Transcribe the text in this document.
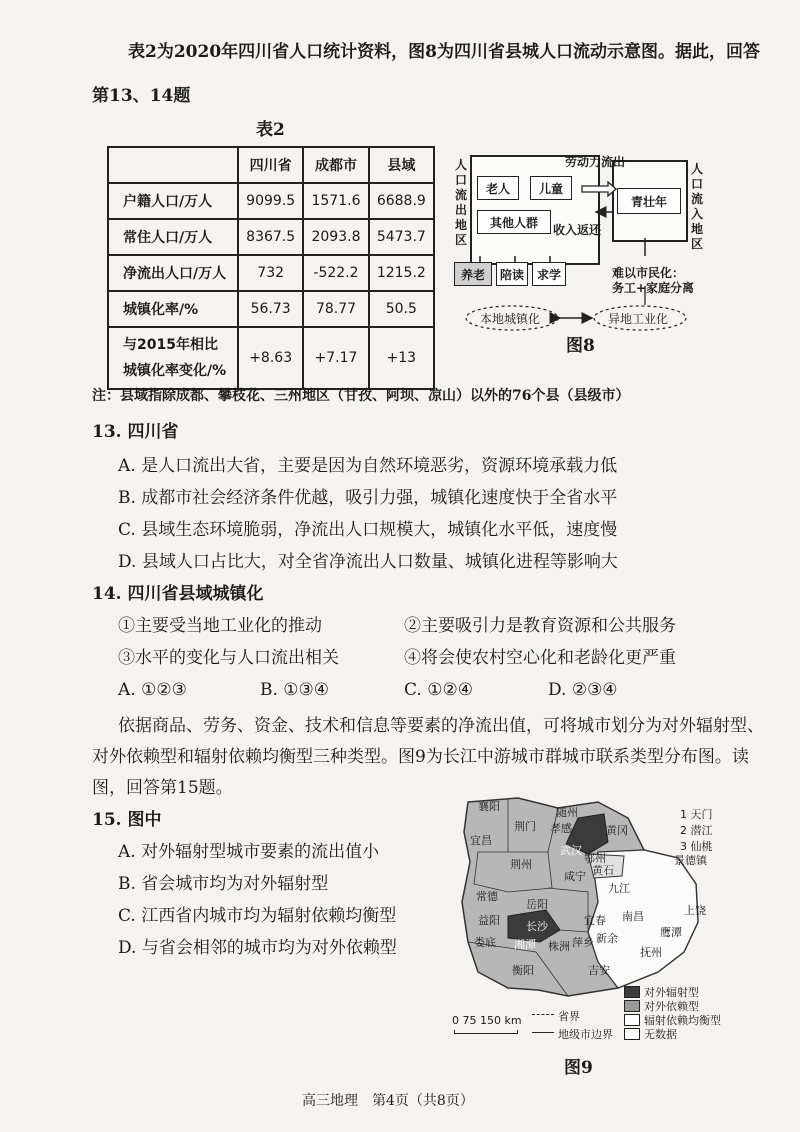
表2为2020年四川省人口统计资料，图8为四川省县城人口流动示意图。据此，回答
第13、14题
表2
	四川省	成都市	县域
户籍人口/万人	9099.5	1571.6	6688.9
常住人口/万人	8367.5	2093.8	5473.7
净流出人口/万人	732	-522.2	1215.2
城镇化率/%	56.73	78.77	50.5
与2015年相比
城镇化率变化/%	+8.63	+7.17	+13
人口流出地区
老人	儿童
其他人群
青壮年
人口流入地区
劳动力流出
收入返还
养老	陪读	求学	难以市民化：
务工+家庭分离
本地城镇化	异地工业化
图8
注：县域指除成都、攀枝花、三州地区（甘孜、阿坝、凉山）以外的76个县（县级市）
13. 四川省
A. 是人口流出大省，主要是因为自然环境恶劣，资源环境承载力低
B. 成都市社会经济条件优越，吸引力强，城镇化速度快于全省水平
C. 县域生态环境脆弱，净流出人口规模大，城镇化水平低，速度慢
D. 县域人口占比大，对全省净流出人口数量、城镇化进程等影响大
14. 四川省县域城镇化
①主要受当地工业化的推动	②主要吸引力是教育资源和公共服务
③水平的变化与人口流出相关	④将会使农村空心化和老龄化更严重
A. ①②③	B. ①③④	C. ①②④	D. ②③④
依据商品、劳务、资金、技术和信息等要素的净流出值，可将城市划分为对外辐射型、
对外依赖型和辐射依赖均衡型三种类型。图9为长江中游城市群城市联系类型分布图。读
图，回答第15题。
15. 图中
A. 对外辐射型城市要素的流出值小
B. 省会城市均为对外辐射型
C. 江西省内城市均为辐射依赖均衡型
D. 与省会相邻的城市均为对外依赖型
襄阳
荆门 孝感
随州
黄冈
宜昌
荆州
武汉
鄂州
黄石
咸宁
九江
景德镇
上饶
常德
岳阳
宜春 南昌
鹰潭
益阳 长沙
娄底 湘潭 株洲 萍乡 新余
抚州
衡阳	吉安
1 天门
2 潜江
3 仙桃
对外辐射型
对外依赖型
辐射依赖均衡型
无数据
0 75 150 km	省界
地级市边界
图9
高三地理　第4页（共8页）
